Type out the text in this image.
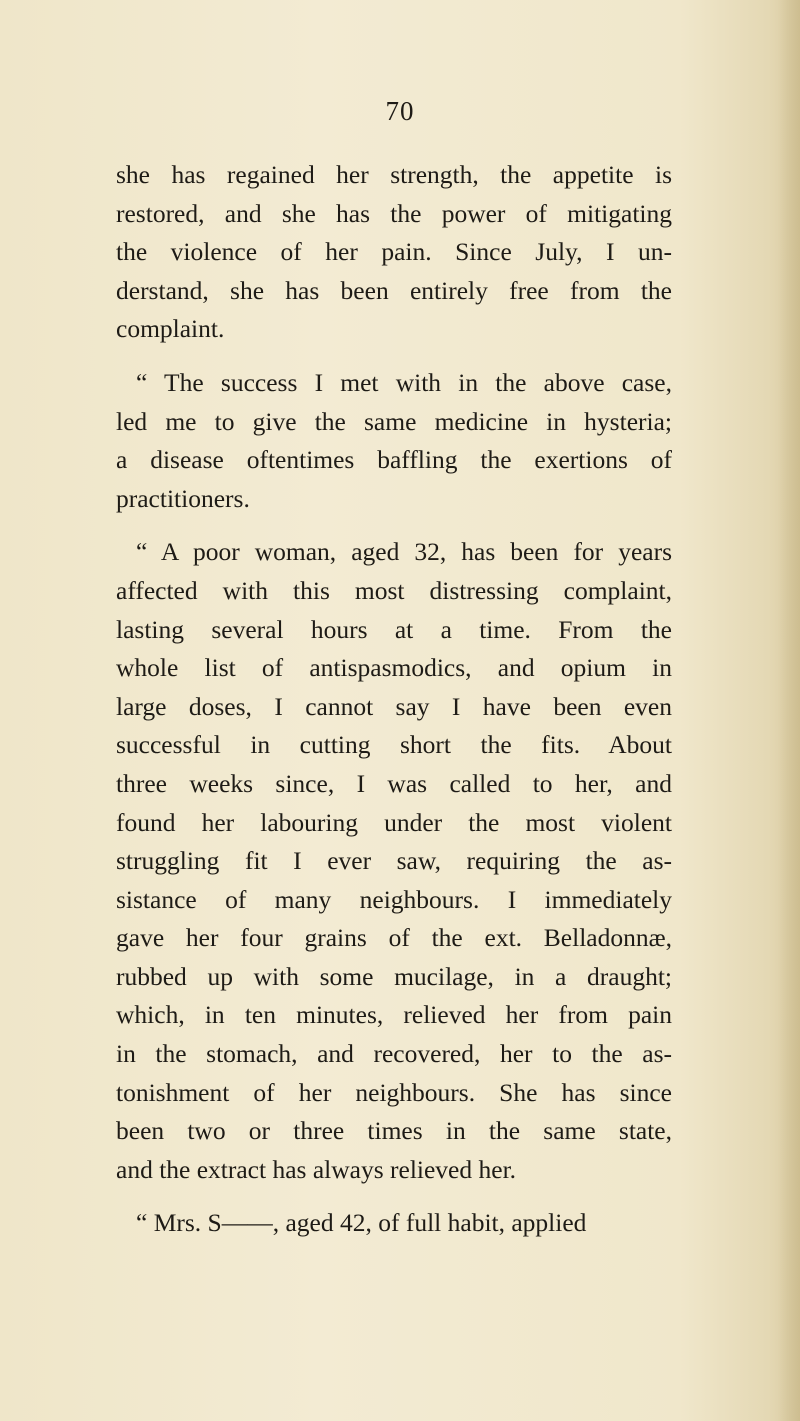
70
she has regained her strength, the appetite is
restored, and she has the power of mitigating
the violence of her pain. Since July, I un-
derstand, she has been entirely free from the
complaint.
“ The success I met with in the above case,
led me to give the same medicine in hysteria;
a disease oftentimes baffling the exertions of
practitioners.
“ A poor woman, aged 32, has been for years
affected with this most distressing complaint,
lasting several hours at a time. From the
whole list of antispasmodics, and opium in
large doses, I cannot say I have been even
successful in cutting short the fits. About
three weeks since, I was called to her, and
found her labouring under the most violent
struggling fit I ever saw, requiring the as-
sistance of many neighbours. I immediately
gave her four grains of the ext. Belladonnæ,
rubbed up with some mucilage, in a draught;
which, in ten minutes, relieved her from pain
in the stomach, and recovered, her to the as-
tonishment of her neighbours. She has since
been two or three times in the same state,
and the extract has always relieved her.
“ Mrs. S——, aged 42, of full habit, applied
